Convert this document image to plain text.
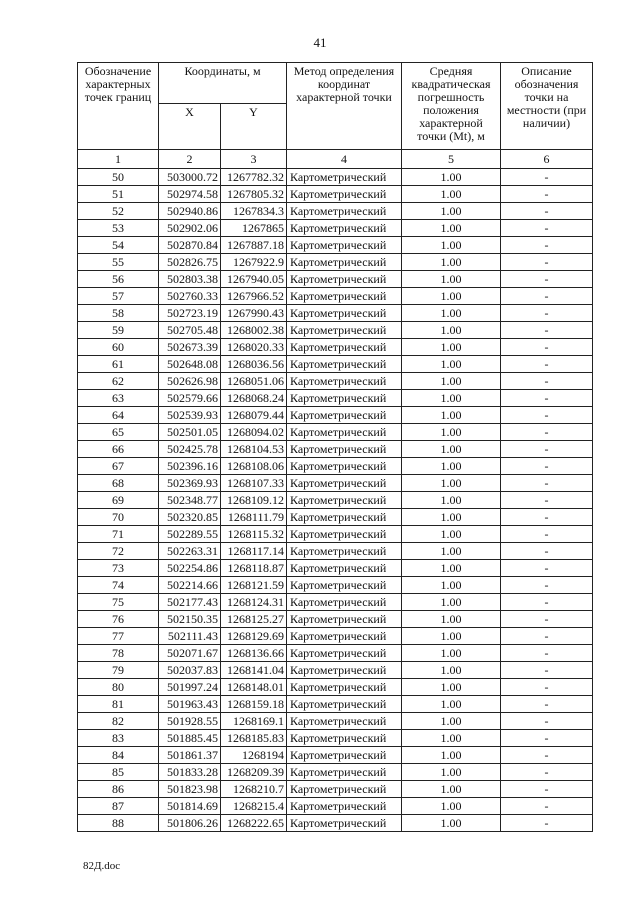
41
Обозначение характерных точек границ	Координаты, м		Метод определения координат характерной точки	Средняя квадратическая погрешность положения характерной точки (Mt), м	Описание обозначения точки на местности (при наличии)
	X	Y			
1	2	3	4	5	6
50	503000.72	1267782.32	Картометрический	1.00	-
51	502974.58	1267805.32	Картометрический	1.00	-
52	502940.86	1267834.3	Картометрический	1.00	-
53	502902.06	1267865	Картометрический	1.00	-
54	502870.84	1267887.18	Картометрический	1.00	-
55	502826.75	1267922.9	Картометрический	1.00	-
56	502803.38	1267940.05	Картометрический	1.00	-
57	502760.33	1267966.52	Картометрический	1.00	-
58	502723.19	1267990.43	Картометрический	1.00	-
59	502705.48	1268002.38	Картометрический	1.00	-
60	502673.39	1268020.33	Картометрический	1.00	-
61	502648.08	1268036.56	Картометрический	1.00	-
62	502626.98	1268051.06	Картометрический	1.00	-
63	502579.66	1268068.24	Картометрический	1.00	-
64	502539.93	1268079.44	Картометрический	1.00	-
65	502501.05	1268094.02	Картометрический	1.00	-
66	502425.78	1268104.53	Картометрический	1.00	-
67	502396.16	1268108.06	Картометрический	1.00	-
68	502369.93	1268107.33	Картометрический	1.00	-
69	502348.77	1268109.12	Картометрический	1.00	-
70	502320.85	1268111.79	Картометрический	1.00	-
71	502289.55	1268115.32	Картометрический	1.00	-
72	502263.31	1268117.14	Картометрический	1.00	-
73	502254.86	1268118.87	Картометрический	1.00	-
74	502214.66	1268121.59	Картометрический	1.00	-
75	502177.43	1268124.31	Картометрический	1.00	-
76	502150.35	1268125.27	Картометрический	1.00	-
77	502111.43	1268129.69	Картометрический	1.00	-
78	502071.67	1268136.66	Картометрический	1.00	-
79	502037.83	1268141.04	Картометрический	1.00	-
80	501997.24	1268148.01	Картометрический	1.00	-
81	501963.43	1268159.18	Картометрический	1.00	-
82	501928.55	1268169.1	Картометрический	1.00	-
83	501885.45	1268185.83	Картометрический	1.00	-
84	501861.37	1268194	Картометрический	1.00	-
85	501833.28	1268209.39	Картометрический	1.00	-
86	501823.98	1268210.7	Картометрический	1.00	-
87	501814.69	1268215.4	Картометрический	1.00	-
88	501806.26	1268222.65	Картометрический	1.00	-
82Д.doc
